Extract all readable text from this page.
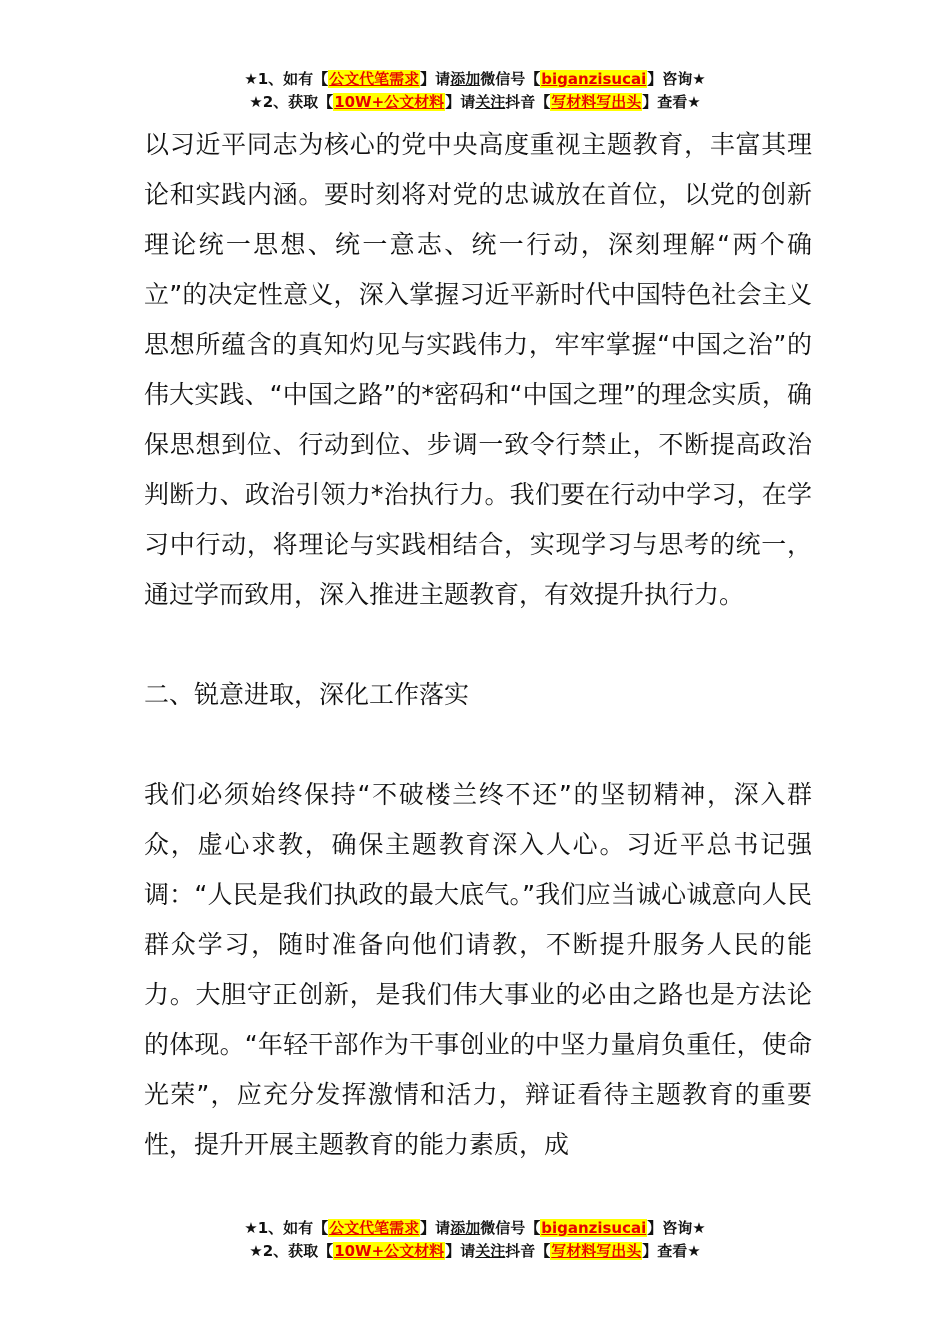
★1、如有【公文代笔需求】请添加微信号【biganzisucai】咨询★
★2、获取【10W+公文材料】请关注抖音【写材料写出头】查看★

以习近平同志为核心的党中央高度重视主题教育，丰富其理论和实践内涵。要时刻将对党的忠诚放在首位，以党的创新理论统一思想、统一意志、统一行动，深刻理解“两个确立”的决定性意义，深入掌握习近平新时代中国特色社会主义思想所蕴含的真知灼见与实践伟力，牢牢掌握“中国之治”的伟大实践、“中国之路”的*密码和“中国之理”的理念实质，确保思想到位、行动到位、步调一致令行禁止，不断提高政治判断力、政治引领力*治执行力。我们要在行动中学习，在学习中行动，将理论与实践相结合，实现学习与思考的统一，通过学而致用，深入推进主题教育，有效提升执行力。

二、锐意进取，深化工作落实

我们必须始终保持“不破楼兰终不还”的坚韧精神，深入群众，虚心求教，确保主题教育深入人心。习近平总书记强调：“人民是我们执政的最大底气。”我们应当诚心诚意向人民群众学习，随时准备向他们请教，不断提升服务人民的能力。大胆守正创新，是我们伟大事业的必由之路也是方法论的体现。“年轻干部作为干事创业的中坚力量肩负重任，使命光荣”，应充分发挥激情和活力，辩证看待主题教育的重要性，提升开展主题教育的能力素质，成

★1、如有【公文代笔需求】请添加微信号【biganzisucai】咨询★
★2、获取【10W+公文材料】请关注抖音【写材料写出头】查看★
